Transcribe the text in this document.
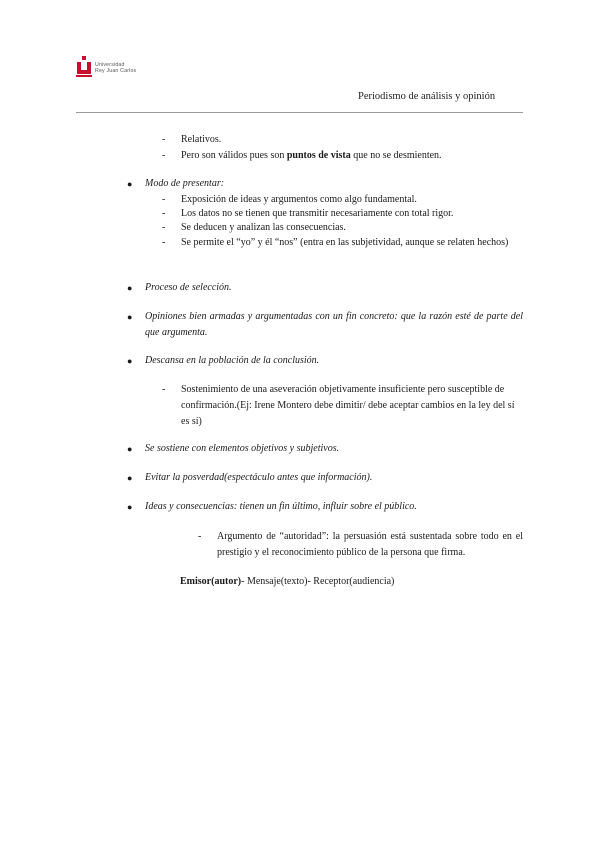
Universidad
Rey Juan Carlos
Periodismo de análisis y opinión
- Relativos.
- Pero son válidos pues son puntos de vista que no se desmienten.
● Modo de presentar:
- Exposición de ideas y argumentos como algo fundamental.
- Los datos no se tienen que transmitir necesariamente con total rigor.
- Se deducen y analizan las consecuencias.
- Se permite el “yo” y él “nos” (entra en las subjetividad, aunque se relaten hechos)
● Proceso de selección.
● Opiniones bien armadas y argumentadas con un fin concreto: que la razón esté de parte del que argumenta.
● Descansa en la población de la conclusión.
- Sostenimiento de una aseveración objetivamente insuficiente pero susceptible de confirmación.(Ej: Irene Montero debe dimitir/ debe aceptar cambios en la ley del sí es sí)
● Se sostiene con elementos objetivos y subjetivos.
● Evitar la posverdad(espectáculo antes que información).
● Ideas y consecuencias: tienen un fin último, influir sobre el público.
- Argumento de “autoridad”: la persuasión está sustentada sobre todo en el prestigio y el reconocimiento público de la persona que firma.
Emisor(autor)- Mensaje(texto)- Receptor(audiencia)
